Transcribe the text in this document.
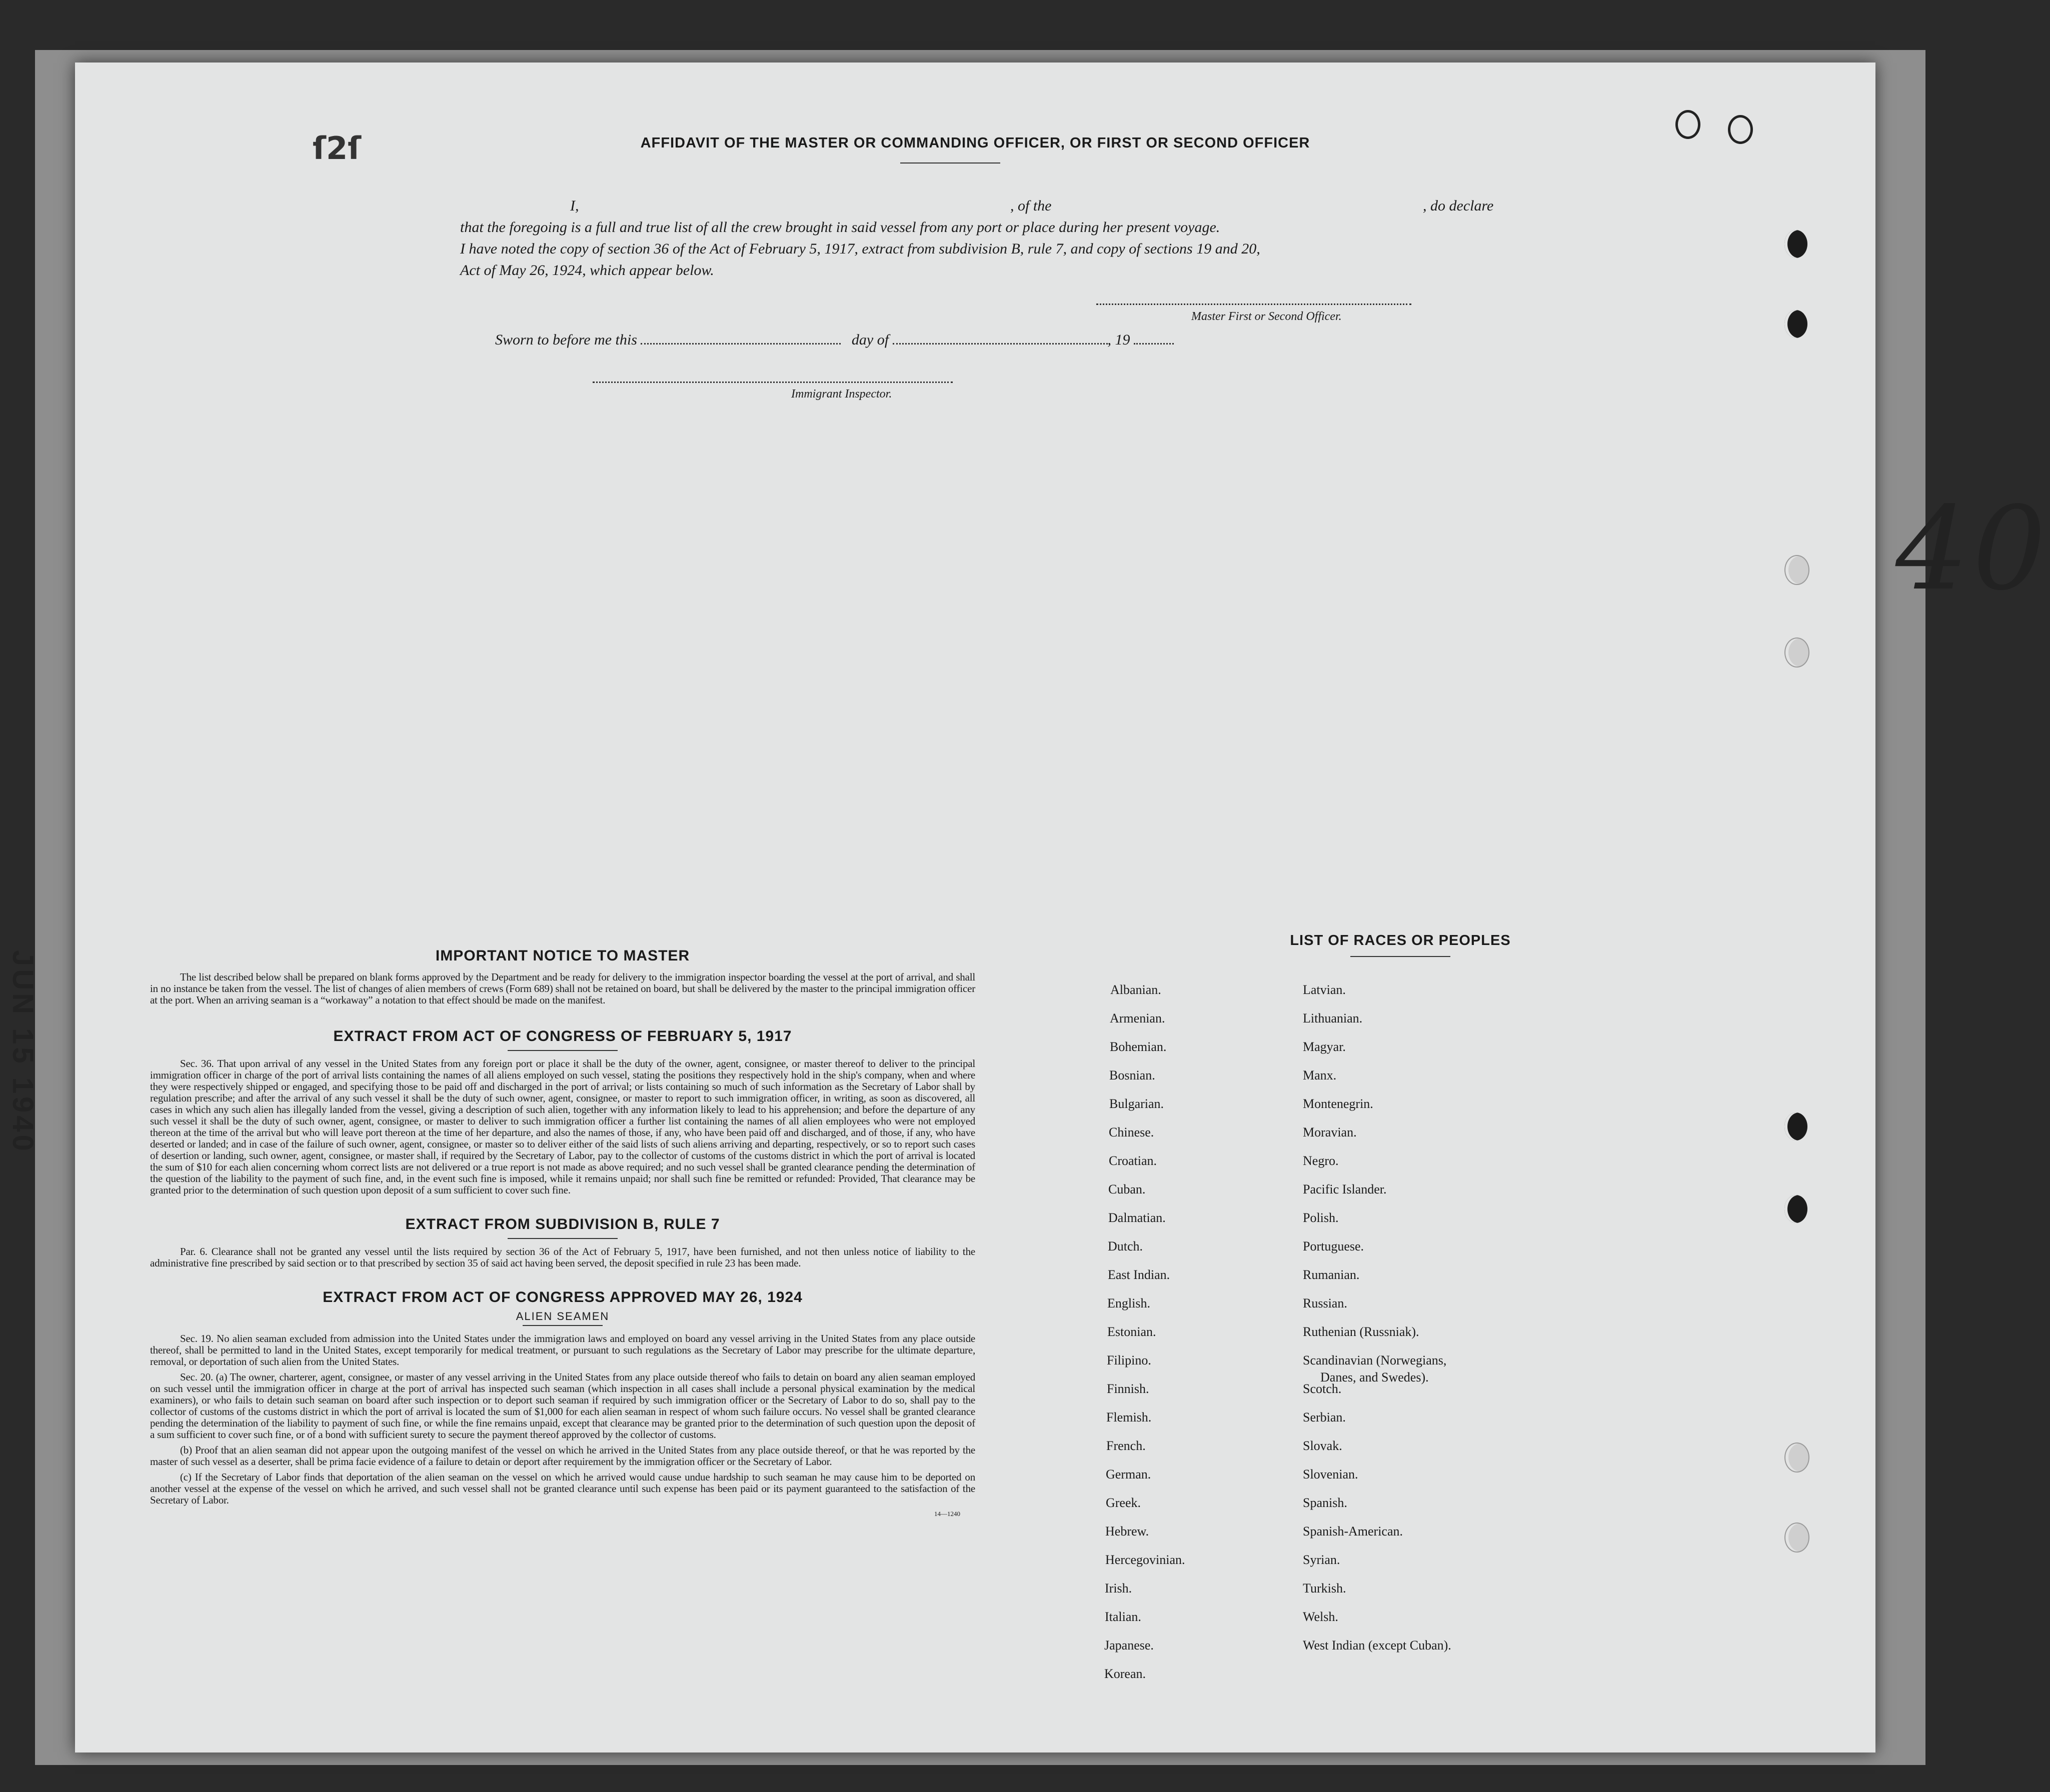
JUN 15 1940
ſ2ſ
40
AFFIDAVIT OF THE MASTER OR COMMANDING OFFICER, OR FIRST OR SECOND OFFICER
I,	, of the	, do declare
that the foregoing is a full and true list of all the crew brought in said vessel from any port or place during her present voyage.
I have noted the copy of section 36 of the Act of February 5, 1917, extract from subdivision B, rule 7, and copy of sections 19 and 20,
Act of May 26, 1924, which appear below.
Master First or Second Officer.
Sworn to before me this	day of	, 19
Immigrant Inspector.
IMPORTANT NOTICE TO MASTER

The list described below shall be prepared on blank forms approved by the Department and be ready for delivery to the immigration inspector boarding the vessel at the port of arrival, and shall in no instance be taken from the vessel. The list of changes of alien members of crews (Form 689) shall not be retained on board, but shall be delivered by the master to the principal immigration officer at the port. When an arriving seaman is a “workaway” a notation to that effect should be made on the manifest.

EXTRACT FROM ACT OF CONGRESS OF FEBRUARY 5, 1917

Sec. 36. That upon arrival of any vessel in the United States from any foreign port or place it shall be the duty of the owner, agent, consignee, or master thereof to deliver to the principal immigration officer in charge of the port of arrival lists containing the names of all aliens employed on such vessel, stating the positions they respectively hold in the ship's company, when and where they were respectively shipped or engaged, and specifying those to be paid off and discharged in the port of arrival; or lists containing so much of such information as the Secretary of Labor shall by regulation prescribe; and after the arrival of any such vessel it shall be the duty of such owner, agent, consignee, or master to report to such immigration officer, in writing, as soon as discovered, all cases in which any such alien has illegally landed from the vessel, giving a description of such alien, together with any information likely to lead to his apprehension; and before the departure of any such vessel it shall be the duty of such owner, agent, consignee, or master to deliver to such immigration officer a further list containing the names of all alien employees who were not employed thereon at the time of the arrival but who will leave port thereon at the time of her departure, and also the names of those, if any, who have been paid off and discharged, and of those, if any, who have deserted or landed; and in case of the failure of such owner, agent, consignee, or master so to deliver either of the said lists of such aliens arriving and departing, respectively, or so to report such cases of desertion or landing, such owner, agent, consignee, or master shall, if required by the Secretary of Labor, pay to the collector of customs of the customs district in which the port of arrival is located the sum of $10 for each alien concerning whom correct lists are not delivered or a true report is not made as above required; and no such vessel shall be granted clearance pending the determination of the question of the liability to the payment of such fine, and, in the event such fine is imposed, while it remains unpaid; nor shall such fine be remitted or refunded: Provided, That clearance may be granted prior to the determination of such question upon deposit of a sum sufficient to cover such fine.

EXTRACT FROM SUBDIVISION B, RULE 7

Par. 6. Clearance shall not be granted any vessel until the lists required by section 36 of the Act of February 5, 1917, have been furnished, and not then unless notice of liability to the administrative fine prescribed by said section or to that prescribed by section 35 of said act having been served, the deposit specified in rule 23 has been made.

EXTRACT FROM ACT OF CONGRESS APPROVED MAY 26, 1924
ALIEN SEAMEN

Sec. 19. No alien seaman excluded from admission into the United States under the immigration laws and employed on board any vessel arriving in the United States from any place outside thereof, shall be permitted to land in the United States, except temporarily for medical treatment, or pursuant to such regulations as the Secretary of Labor may prescribe for the ultimate departure, removal, or deportation of such alien from the United States.

Sec. 20. (a) The owner, charterer, agent, consignee, or master of any vessel arriving in the United States from any place outside thereof who fails to detain on board any alien seaman employed on such vessel until the immigration officer in charge at the port of arrival has inspected such seaman (which inspection in all cases shall include a personal physical examination by the medical examiners), or who fails to detain such seaman on board after such inspection or to deport such seaman if required by such immigration officer or the Secretary of Labor to do so, shall pay to the collector of customs of the customs district in which the port of arrival is located the sum of $1,000 for each alien seaman in respect of whom such failure occurs. No vessel shall be granted clearance pending the determination of the liability to payment of such fine, or while the fine remains unpaid, except that clearance may be granted prior to the determination of such question upon the deposit of a sum sufficient to cover such fine, or of a bond with sufficient surety to secure the payment thereof approved by the collector of customs.

(b) Proof that an alien seaman did not appear upon the outgoing manifest of the vessel on which he arrived in the United States from any place outside thereof, or that he was reported by the master of such vessel as a deserter, shall be prima facie evidence of a failure to detain or deport after requirement by the immigration officer or the Secretary of Labor.

(c) If the Secretary of Labor finds that deportation of the alien seaman on the vessel on which he arrived would cause undue hardship to such seaman he may cause him to be deported on another vessel at the expense of the vessel on which he arrived, and such vessel shall not be granted clearance until such expense has been paid or its payment guaranteed to the satisfaction of the Secretary of Labor.

14—1240
LIST OF RACES OR PEOPLES
Albanian.
Armenian.
Bohemian.
Bosnian.
Bulgarian.
Chinese.
Croatian.
Cuban.
Dalmatian.
Dutch.
East Indian.
English.
Estonian.
Filipino.
Finnish.
Flemish.
French.
German.
Greek.
Hebrew.
Hercegovinian.
Irish.
Italian.
Japanese.
Korean.
Latvian.
Lithuanian.
Magyar.
Manx.
Montenegrin.
Moravian.
Negro.
Pacific Islander.
Polish.
Portuguese.
Rumanian.
Russian.
Ruthenian (Russniak).
Scandinavian (Norwegians,
Danes, and Swedes).
Scotch.
Serbian.
Slovak.
Slovenian.
Spanish.
Spanish-American.
Syrian.
Turkish.
Welsh.
West Indian (except Cuban).
